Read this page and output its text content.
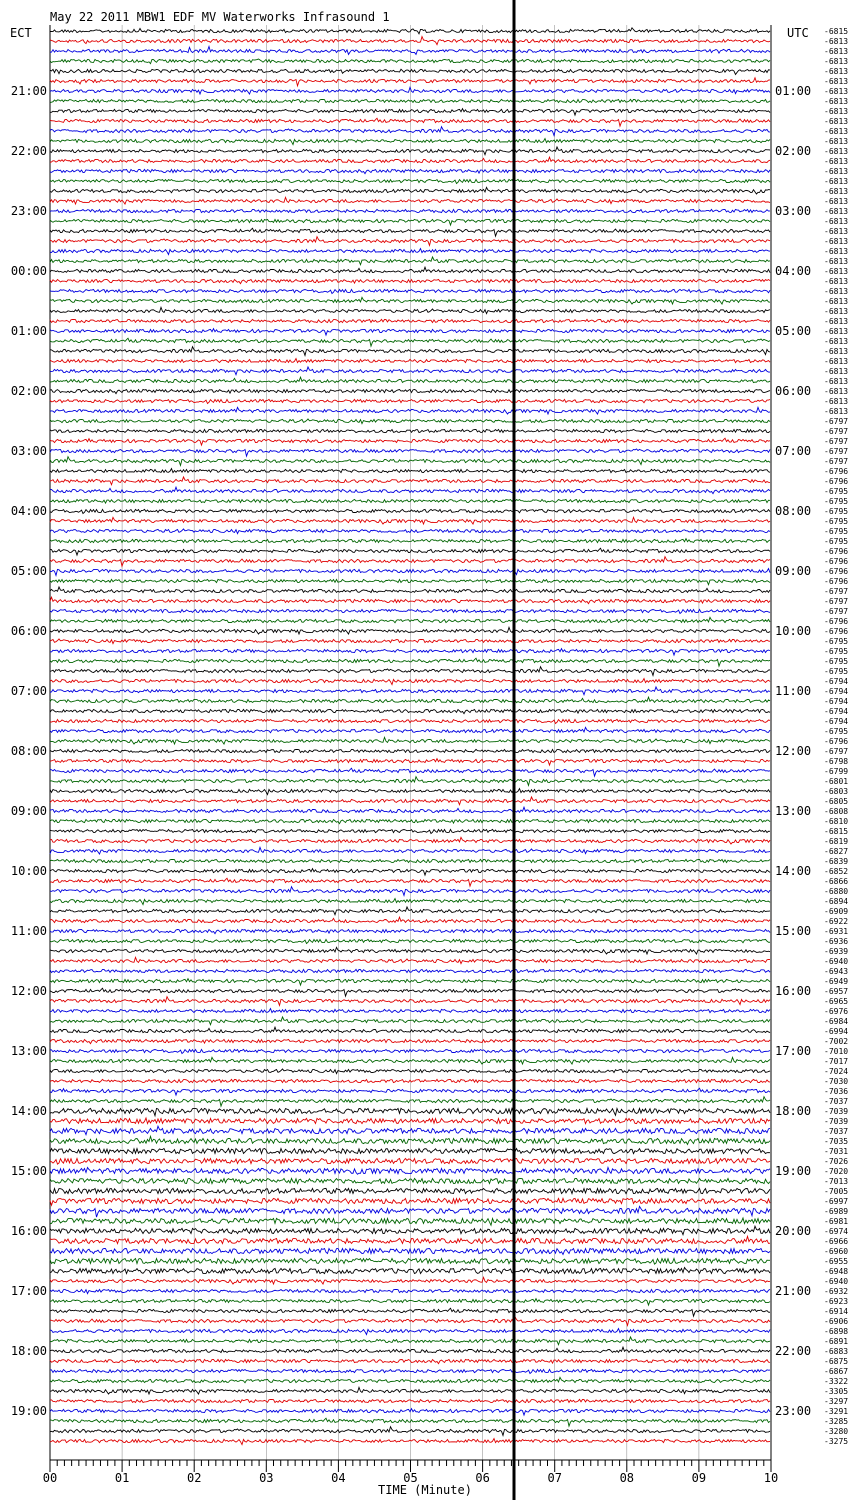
May 22 2011 MBW1 EDF MV Waterworks Infrasound 1
ECT	UTC
TIME (Minute)
-6815
-6813
-6813
-6813
-6813
-6813
-6813
-6813
-6813
-6813
-6813
-6813
-6813
-6813
-6813
-6813
-6813
-6813
-6813
-6813
-6813
-6813
-6813
-6813
-6813
-6813
-6813
-6813
-6813
-6813
-6813
-6813
-6813
-6813
-6813
-6813
-6813
-6813
-6813
-6797
-6797
-6797
-6797
-6797
-6796
-6796
-6795
-6795
-6795
-6795
-6795
-6795
-6796
-6796
-6796
-6796
-6797
-6797
-6797
-6796
-6796
-6795
-6795
-6795
-6795
-6794
-6794
-6794
-6794
-6794
-6795
-6796
-6797
-6798
-6799
-6801
-6803
-6805
-6808
-6810
-6815
-6819
-6827
-6839
-6852
-6866
-6880
-6894
-6909
-6922
-6931
-6936
-6939
-6940
-6943
-6949
-6957
-6965
-6976
-6984
-6994
-7002
-7010
-7017
-7024
-7030
-7036
-7037
-7039
-7039
-7037
-7035
-7031
-7026
-7020
-7013
-7005
-6997
-6989
-6981
-6974
-6966
-6960
-6955
-6948
-6940
-6932
-6923
-6914
-6906
-6898
-6891
-6883
-6875
-6867
-3322
-3305
-3297
-3291
-3285
-3280
-3275
21:00
22:00
23:00
00:00
01:00
02:00
03:00
04:00
05:00
06:00
07:00
08:00
09:00
10:00
11:00
12:00
13:00
14:00
15:00
16:00
17:00
18:00
19:00
01:00
02:00
03:00
04:00
05:00
06:00
07:00
08:00
09:00
10:00
11:00
12:00
13:00
14:00
15:00
16:00
17:00
18:00
19:00
20:00
21:00
22:00
23:00
00	01	02	03	04	05	06	07	08	09	10
